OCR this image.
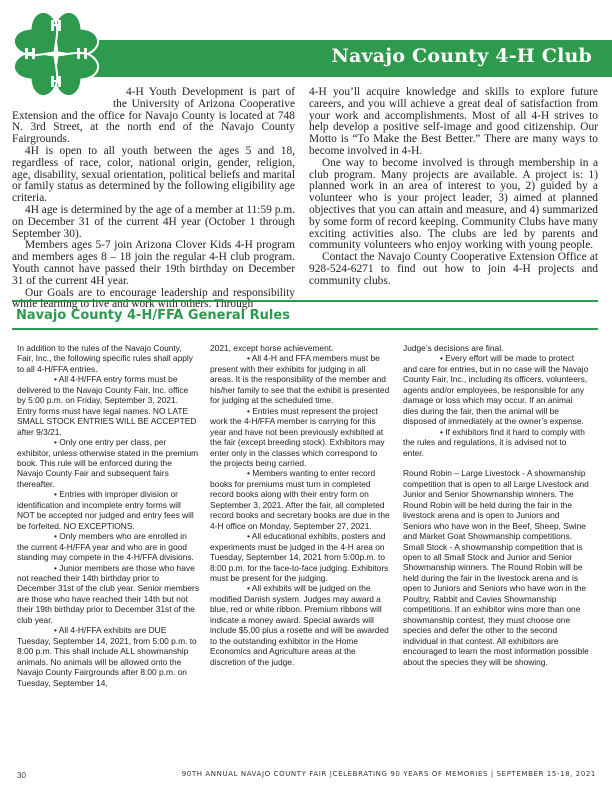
Navajo County 4-H Club
H
H
H
H

4-H Youth Development is part of the University of Arizona Cooperative Extension and the office for Navajo County is located at 748 N. 3rd Street, at the north end of the Navajo County Fairgrounds.

4H is open to all youth between the ages 5 and 18, regardless of race, color, national origin, gender, religion, age, disability, sexual orientation, political beliefs and marital or family status as determined by the following eligibility age criteria.

4H age is determined by the age of a member at 11:59 p.m. on December 31 of the current 4H year (October 1 through September 30).

Members ages 5-7 join Arizona Clover Kids 4-H program and members ages 8 – 18 join the regular 4-H club program. Youth cannot have passed their 19th birthday on December 31 of the current 4H year.

Our Goals are to encourage leadership and responsibility while learning to live and work with others. Through

4-H you’ll acquire knowledge and skills to explore future careers, and you will achieve a great deal of satisfaction from your work and accomplishments. Most of all 4-H strives to help develop a positive self-image and good citizenship. Our Motto is “To Make the Best Better.” There are many ways to become involved in 4-H.

One way to become involved is through membership in a club program. Many projects are available. A project is: 1) planned work in an area of interest to you, 2) guided by a volunteer who is your project leader, 3) aimed at planned objectives that you can attain and measure, and 4) summarized by some form of record keeping. Community Clubs have many exciting activities also. The clubs are led by parents and community volunteers who enjoy working with young people.

Contact the Navajo County Cooperative Extension Office at 928-524-6271 to find out how to join 4-H projects and community clubs.

Navajo County 4-H/FFA General Rules

In addition to the rules of the Navajo County, Fair, Inc., the following specific rules shall apply to all 4-H/FFA entries.

• All 4-H/FFA entry forms must be delivered to the Navajo County Fair, Inc. office by 5:00 p.m. on Friday, September 3, 2021. Entry forms must have legal names. NO LATE SMALL STOCK ENTRIES WILL BE ACCEPTED after 9/3/21.

• Only one entry per class, per exhibitor, unless otherwise stated in the premium book. This rule will be enforced during the Navajo County Fair and subsequent fairs thereafter.

• Entries with improper division or identification and incomplete entry forms will NOT be accepted nor judged and entry fees will be forfeited. NO EXCEPTIONS.

• Only members who are enrolled in the current 4-H/FFA year and who are in good standing may compete in the 4-H/FFA divisions.

• Junior members are those who have not reached their 14th birthday prior to December 31st of the club year. Senior members are those who have reached their 14th but not their 19th birthday prior to December 31st of the club year.

• All 4-H/FFA exhibits are DUE Tuesday, September 14, 2021, from 5:00 p.m. to 8:00 p.m. This shall include ALL showmanship animals. No animals will be allowed onto the Navajo County Fairgrounds after 8:00 p.m. on Tuesday, September 14,

2021, except horse achievement.

• All 4-H and FFA members must be present with their exhibits for judging in all areas. It is the responsibility of the member and his/her family to see that the exhibit is presented for judging at the scheduled time.

• Entries must represent the project work the 4-H/FFA member is carrying for this year and have not been previously exhibited at the fair (except breeding stock). Exhibitors may enter only in the classes which correspond to the projects being carried.

• Members wanting to enter record books for premiums must turn in completed record books along with their entry form on September 3, 2021. After the fair, all completed record books and secretary books are due in the 4-H office on Monday, September 27, 2021.

• All educational exhibits, posters and experiments must be judged in the 4-H area on Tuesday, September 14, 2021 from 5:00p.m. to 8:00 p.m. for the face-to-face judging. Exhibitors must be present for the judging.

• All exhibits will be judged on the modified Danish system. Judges may award a blue, red or white ribbon. Premium ribbons will indicate a money award. Special awards will include $5.00 plus a rosette and will be awarded to the outstanding exhibitor in the Home Economics and Agriculture areas at the discretion of the judge.

Judge’s decisions are final.

• Every effort will be made to protect and care for entries, but in no case will the Navajo County Fair, Inc., including its officers, volunteers, agents and/or employees, be responsible for any damage or loss which may occur. If an animal dies during the fair, then the animal will be disposed of immediately at the owner’s expense.

• If exhibitors find it hard to comply with the rules and regulations, it is advised not to enter.

Round Robin – Large Livestock - A showmanship competition that is open to all Large Livestock and Junior and Senior Showmanship winners. The Round Robin will be held during the fair in the livestock arena and is open to Juniors and Seniors who have won in the Beef, Sheep, Swine and Market Goat Showmanship competitions. Small Stock - A showmanship competition that is open to all Small Stock and Junior and Senior Showmanship winners. The Round Robin will be held during the fair in the livestock arena and is open to Juniors and Seniors who have won in the Poultry, Rabbit and Cavies Showmanship competitions. If an exhibitor wins more than one showmanship contest, they must choose one species and defer the other to the second individual in that contest. All exhibitors are encouraged to learn the most information possible about the species they will be showing.

30	90TH ANNUAL NAVAJO COUNTY FAIR |CELEBRATING 90 YEARS OF MEMORIES | SEPTEMBER 15-18, 2021
